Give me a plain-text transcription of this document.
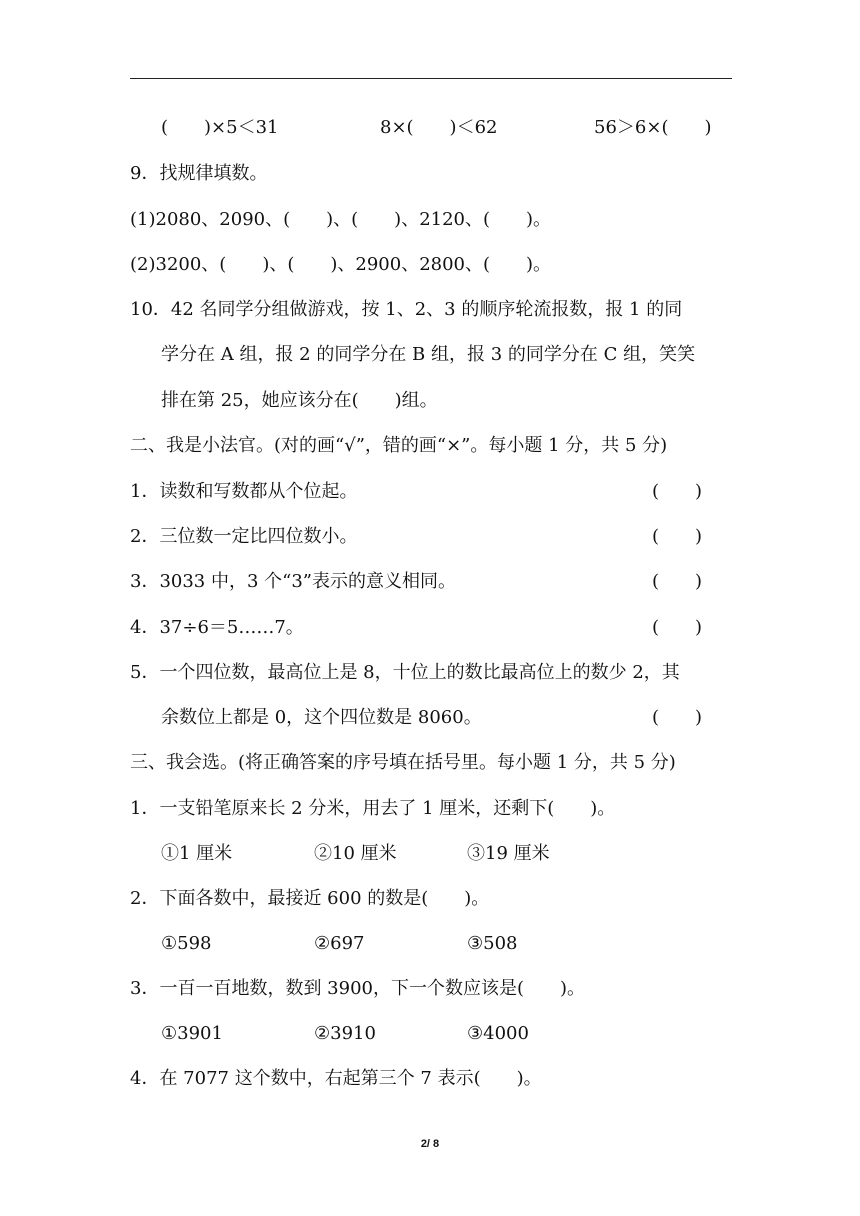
(　　)×5＜31	8×(　　)＜62	56＞6×(　　)
9．找规律填数。
(1)2080、2090、(　　)、(　　)、2120、(　　)。
(2)3200、(　　)、(　　)、2900、2800、(　　)。
10．42 名同学分组做游戏，按 1、2、3 的顺序轮流报数，报 1 的同
学分在 A 组，报 2 的同学分在 B 组，报 3 的同学分在 C 组，笑笑
排在第 25，她应该分在(　　)组。
二、我是小法官。(对的画“√”，错的画“×”。每小题 1 分，共 5 分)
1．读数和写数都从个位起。	(　　)
2．三位数一定比四位数小。	(　　)
3．3033 中，3 个“3”表示的意义相同。	(　　)
4．37÷6＝5……7。	(　　)
5．一个四位数，最高位上是 8，十位上的数比最高位上的数少 2，其
余数位上都是 0，这个四位数是 8060。	(　　)
三、我会选。(将正确答案的序号填在括号里。每小题 1 分，共 5 分)
1．一支铅笔原来长 2 分米，用去了 1 厘米，还剩下(　　)。
①1 厘米	②10 厘米	③19 厘米
2．下面各数中，最接近 600 的数是(　　)。
①598	②697	③508
3．一百一百地数，数到 3900，下一个数应该是(　　)。
①3901	②3910	③4000
4．在 7077 这个数中，右起第三个 7 表示(　　)。
2/ 8
